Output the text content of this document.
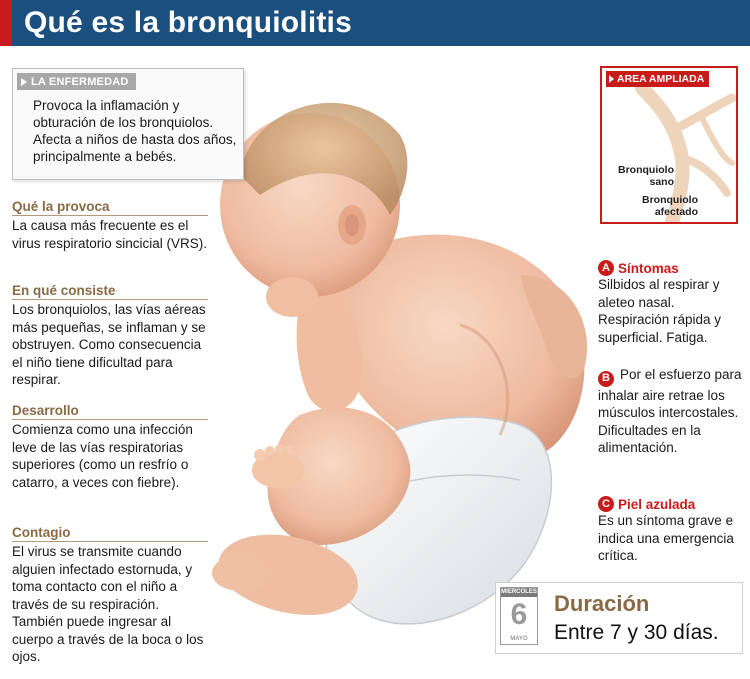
Qué es la bronquiolitis
LA ENFERMEDAD

Provoca la inflamación y obturación de los bronquiolos. Afecta a niños de hasta dos años, principalmente a bebés.

Qué la provoca

La causa más frecuente es el virus respiratorio sincicial (VRS).

En qué consiste

Los bronquiolos, las vías aéreas más pequeñas, se inflaman y se obstruyen. Como consecuencia el niño tiene dificultad para respirar.

Desarrollo

Comienza como una infección leve de las vías respiratorias superiores (como un resfrío o catarro, a veces con fiebre).

Contagio

El virus se transmite cuando alguien infectado estornuda, y toma contacto con el niño a través de su respiración. También puede ingresar al cuerpo a través de la boca o los ojos.

AREA AMPLIADA
Bronquiolo sano
Bronquiolo afectado
A Síntomas

Silbidos al respirar y aleteo nasal. Respiración rápida y superficial. Fatiga.

B Por el esfuerzo para inhalar aire retrae los músculos intercostales. Dificultades en la alimentación.

C Piel azulada

Es un síntoma grave e indica una emergencia crítica.

MIERCOLES
6
MAYO
Duración
Entre 7 y 30 días.
